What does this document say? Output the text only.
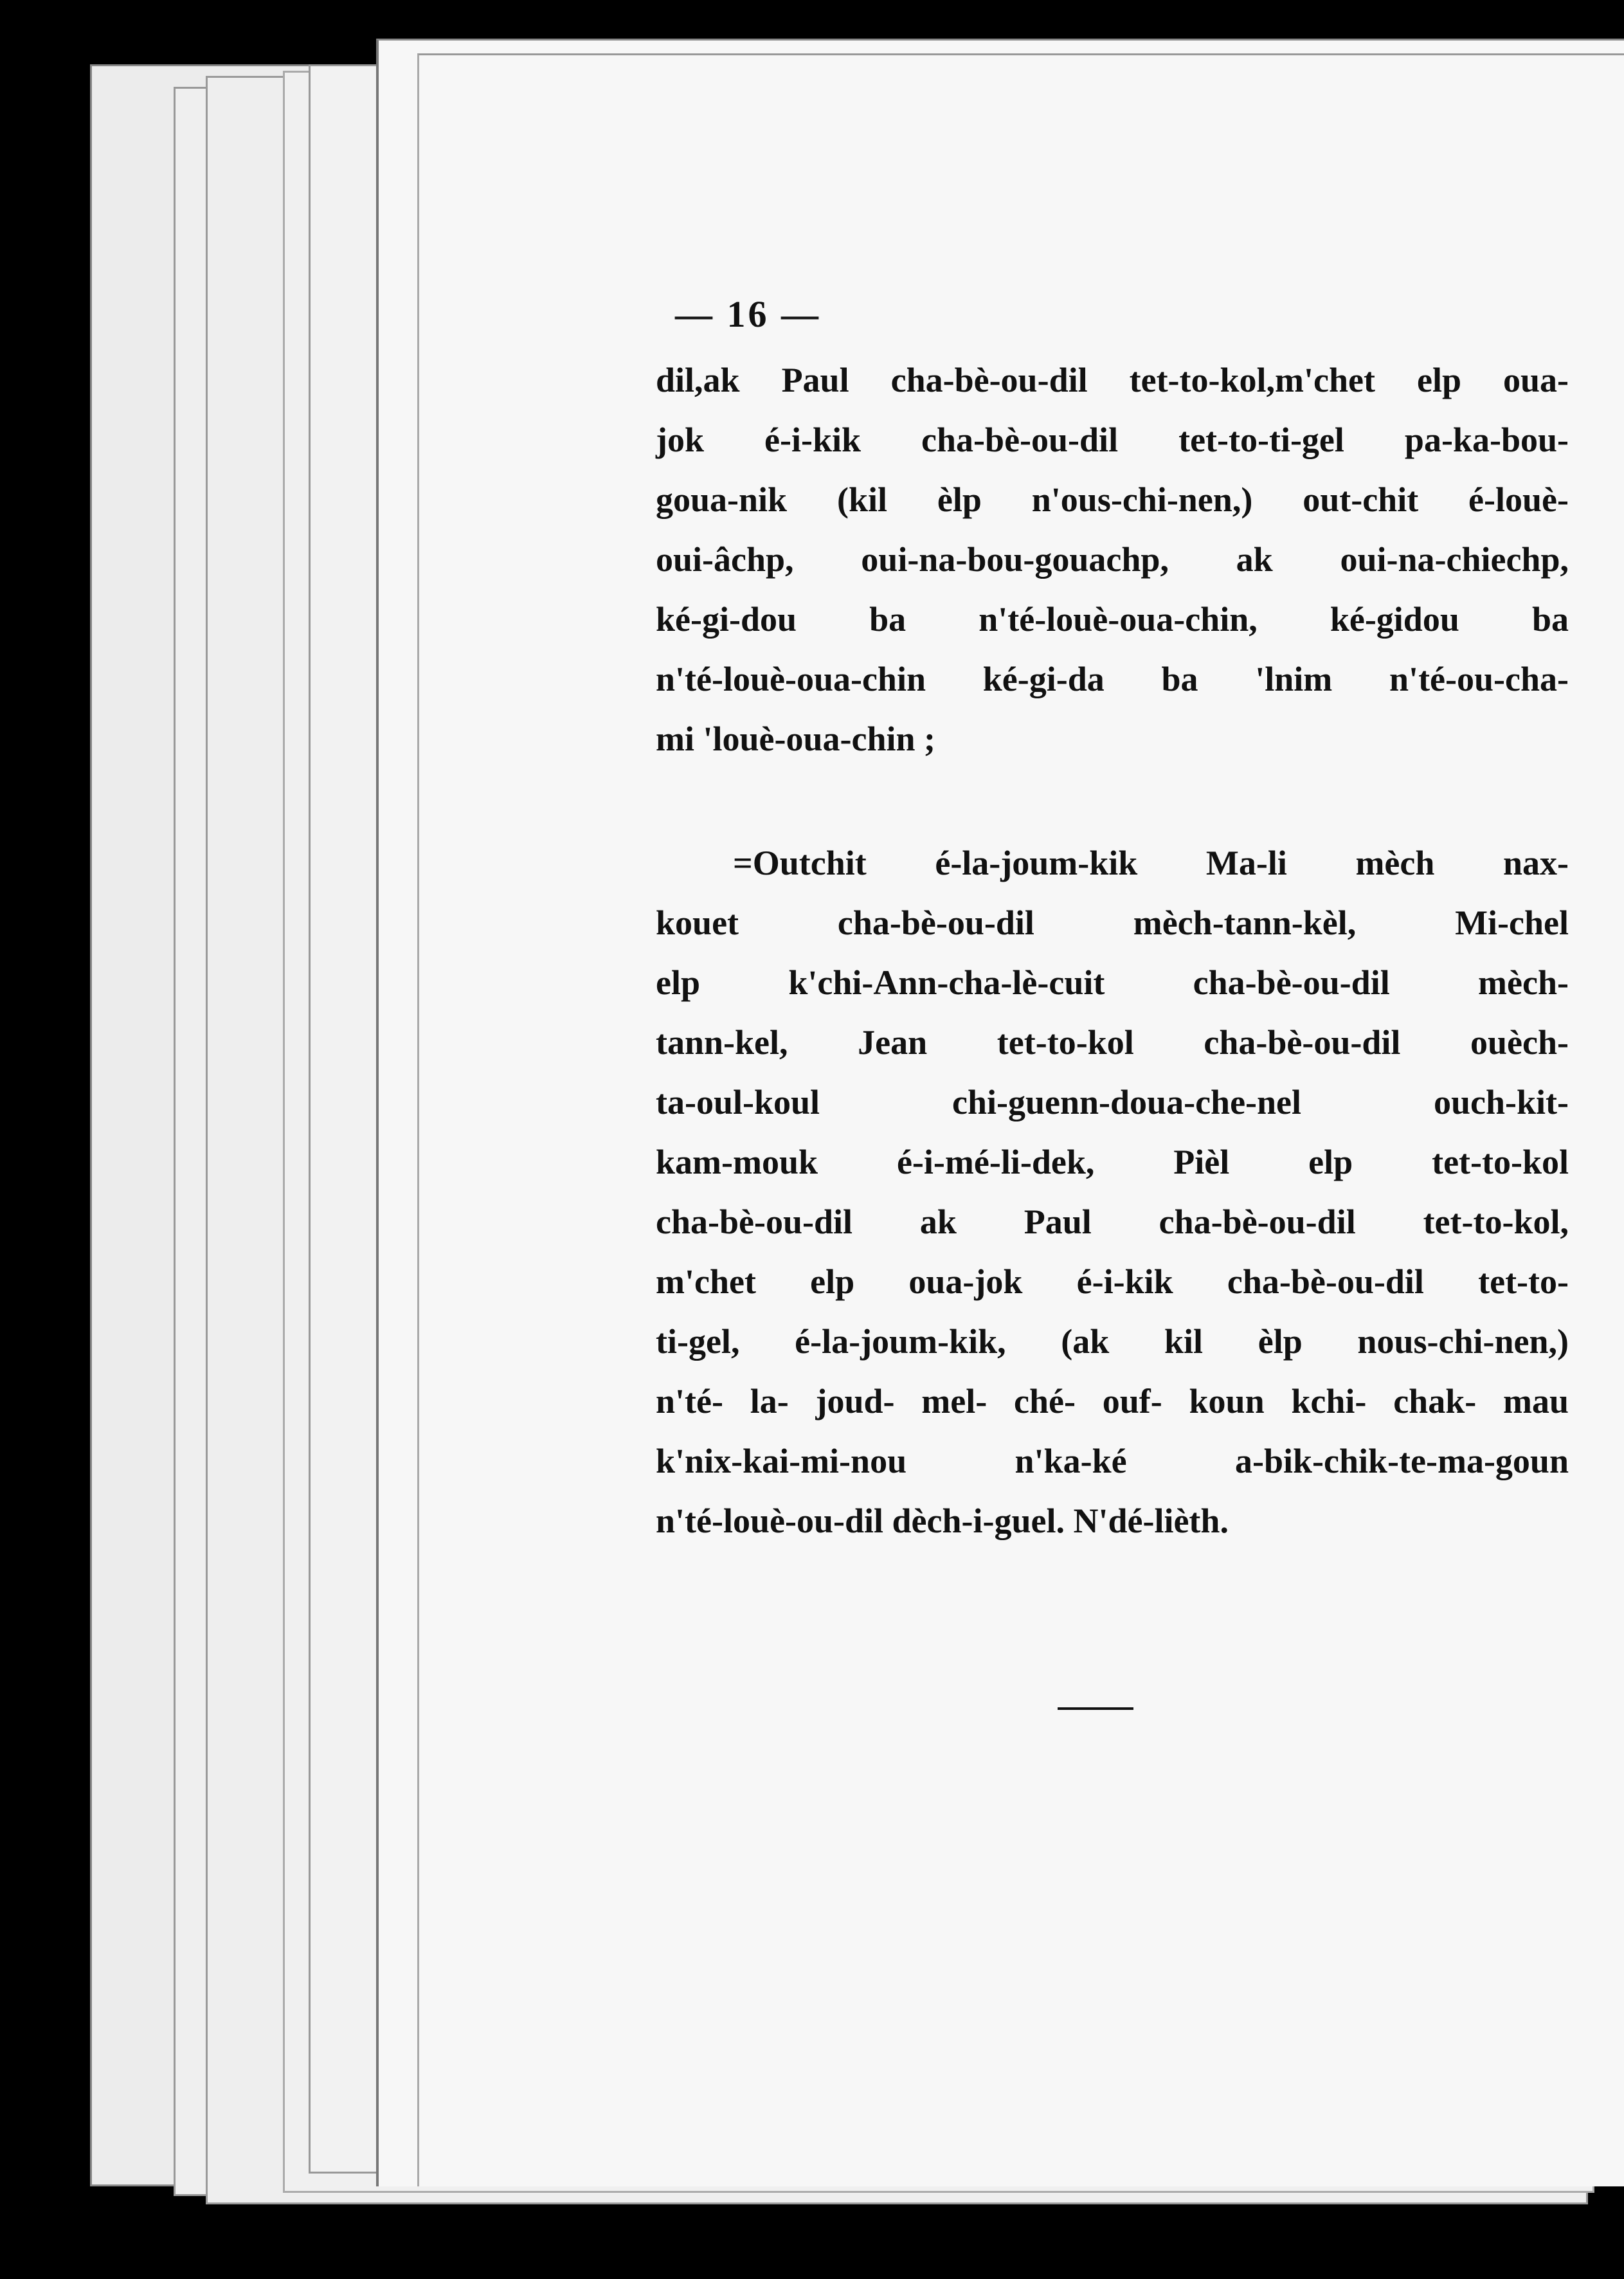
— 16 —
dil,ak Paul cha-bè-ou-dil tet-to-kol,m'chet elp oua-
jok é-i-kik cha-bè-ou-dil tet-to-ti-gel pa-ka-bou-
goua-nik (kil èlp n'ous-chi-nen,) out-chit é-louè-
oui-âchp, oui-na-bou-gouachp, ak oui-na-chiechp,
ké-gi-dou ba n'té-louè-oua-chin, ké-gidou ba
n'té-louè-oua-chin ké-gi-da ba 'lnim n'té-ou-cha-
mi 'louè-oua-chin ;
=Outchit é-la-joum-kik Ma-li mèch nax-
kouet cha-bè-ou-dil mèch-tann-kèl, Mi-chel
elp k'chi-Ann-cha-lè-cuit cha-bè-ou-dil mèch-
tann-kel, Jean tet-to-kol cha-bè-ou-dil ouèch-
ta-oul-koul chi-guenn-doua-che-nel ouch-kit-
kam-mouk é-i-mé-li-dek, Pièl elp tet-to-kol
cha-bè-ou-dil ak Paul cha-bè-ou-dil tet-to-kol,
m'chet elp oua-jok é-i-kik cha-bè-ou-dil tet-to-
ti-gel, é-la-joum-kik, (ak kil èlp nous-chi-nen,)
n'té- la- joud- mel- ché- ouf- koun kchi- chak- mau
k'nix-kai-mi-nou n'ka-ké a-bik-chik-te-ma-goun
n'té-louè-ou-dil dèch-i-guel. N'dé-lièth.
